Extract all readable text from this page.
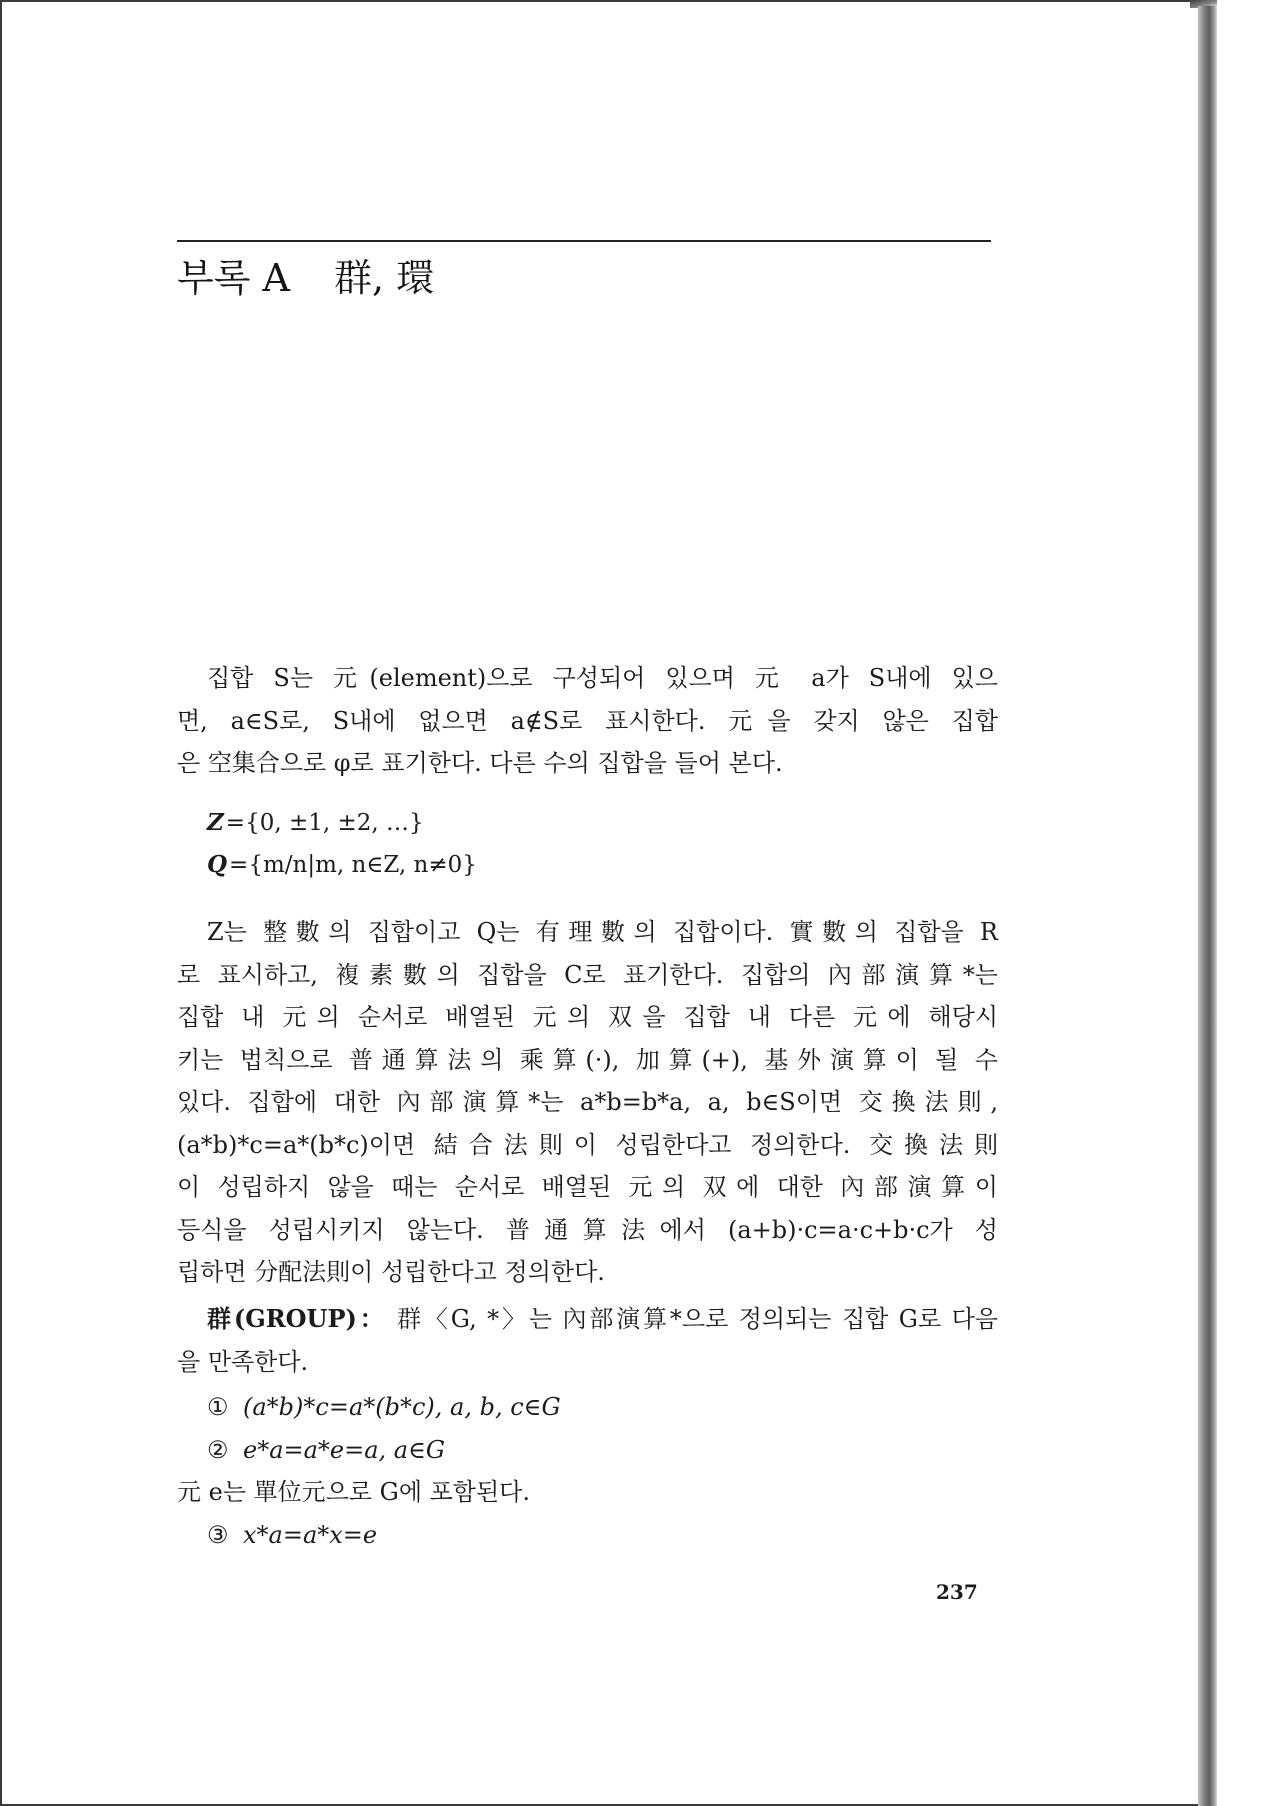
부록 A 群, 環
집합 S는 元(element)으로 구성되어 있으며 元 a가 S내에 있으
면, a∈S로, S내에 없으면 a∉S로 표시한다. 元을 갖지 않은 집합
은 空集合으로 φ로 표기한다. 다른 수의 집합을 들어 본다.
Z={0, ±1, ±2, …}
Q={m/n|m, n∈Z, n≠0}
Z는 整數의 집합이고 Q는 有理數의 집합이다. 實數의 집합을 R
로 표시하고, 複素數의 집합을 C로 표기한다. 집합의 內部演算*는
집합 내 元의 순서로 배열된 元의 双을 집합 내 다른 元에 해당시
키는 법칙으로 普通算法의 乘算(·), 加算(+), 基外演算이 될 수
있다. 집합에 대한 內部演算*는 a*b=b*a, a, b∈S이면 交換法則,
(a*b)*c=a*(b*c)이면 結合法則이 성립한다고 정의한다. 交換法則
이 성립하지 않을 때는 순서로 배열된 元의 双에 대한 內部演算이
등식을 성립시키지 않는다. 普通算法에서 (a+b)·c=a·c+b·c가 성
립하면 分配法則이 성립한다고 정의한다.
群(GROUP)： 群〈G, *〉는 內部演算*으로 정의되는 집합 G로 다음
을 만족한다.
① (a*b)*c=a*(b*c), a, b, c∈G
② e*a=a*e=a, a∈G
元 e는 單位元으로 G에 포함된다.
③ x*a=a*x=e
237
